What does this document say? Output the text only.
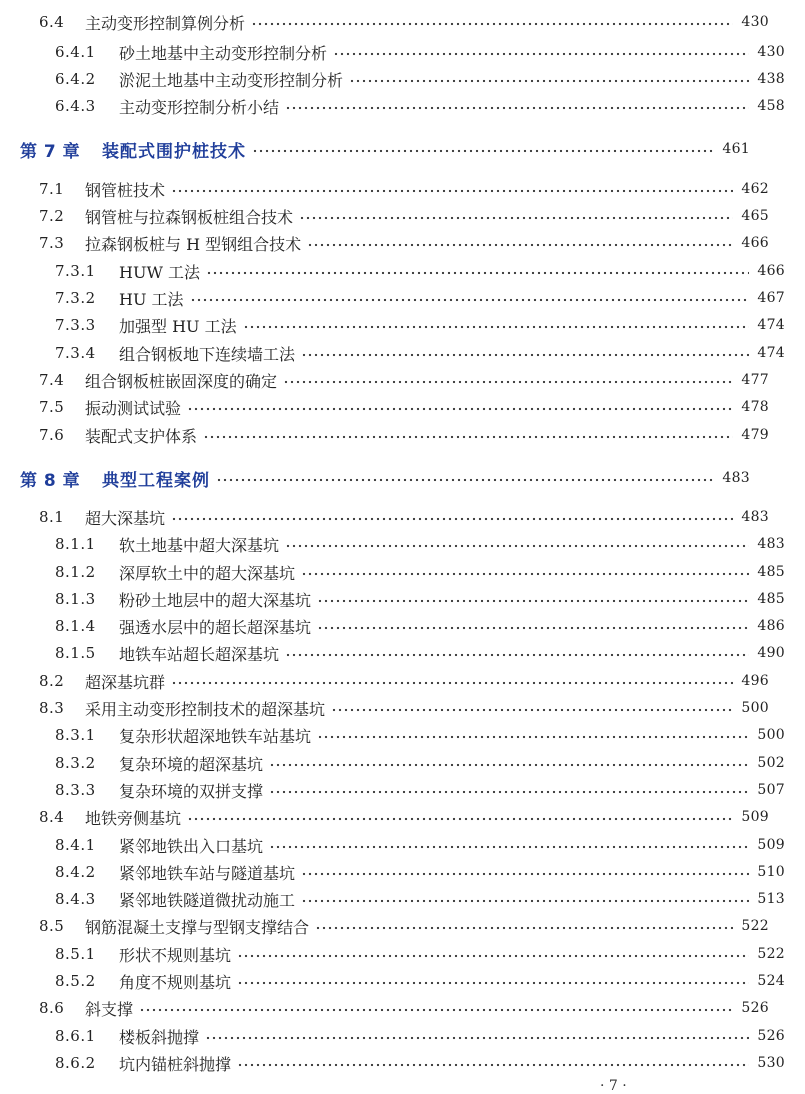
6.4	主动变形控制算例分析	430
6.4.1	砂土地基中主动变形控制分析	430
6.4.2	淤泥土地基中主动变形控制分析	438
6.4.3	主动变形控制分析小结	458
第 7 章	装配式围护桩技术	461
7.1	钢管桩技术	462
7.2	钢管桩与拉森钢板桩组合技术	465
7.3	拉森钢板桩与 H 型钢组合技术	466
7.3.1	HUW 工法	466
7.3.2	HU 工法	467
7.3.3	加强型 HU 工法	474
7.3.4	组合钢板地下连续墙工法	474
7.4	组合钢板桩嵌固深度的确定	477
7.5	振动测试试验	478
7.6	装配式支护体系	479
第 8 章	典型工程案例	483
8.1	超大深基坑	483
8.1.1	软土地基中超大深基坑	483
8.1.2	深厚软土中的超大深基坑	485
8.1.3	粉砂土地层中的超大深基坑	485
8.1.4	强透水层中的超长超深基坑	486
8.1.5	地铁车站超长超深基坑	490
8.2	超深基坑群	496
8.3	采用主动变形控制技术的超深基坑	500
8.3.1	复杂形状超深地铁车站基坑	500
8.3.2	复杂环境的超深基坑	502
8.3.3	复杂环境的双拼支撑	507
8.4	地铁旁侧基坑	509
8.4.1	紧邻地铁出入口基坑	509
8.4.2	紧邻地铁车站与隧道基坑	510
8.4.3	紧邻地铁隧道微扰动施工	513
8.5	钢筋混凝土支撑与型钢支撑结合	522
8.5.1	形状不规则基坑	522
8.5.2	角度不规则基坑	524
8.6	斜支撑	526
8.6.1	楼板斜抛撑	526
8.6.2	坑内锚桩斜抛撑	530
· 7 ·
